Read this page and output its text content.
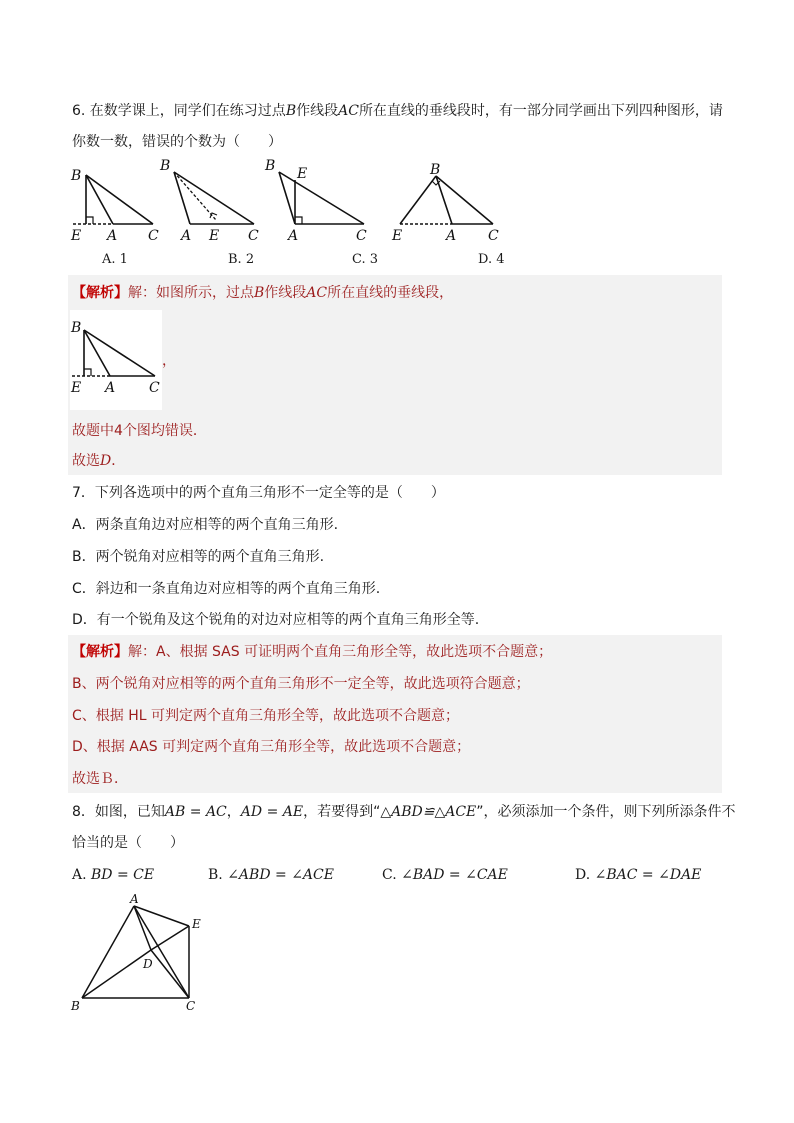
6. 在数学课上，同学们在练习过点B作线段AC所在直线的垂线段时，有一部分同学画出下列四种图形，请
你数一数，错误的个数为（　　）
B
E A C
B
A E C
B E
A	C
B
E	A C
A. 1	B. 2	C. 3	D. 4
【解析】解：如图所示，过点B作线段AC所在直线的垂线段，
B
E A C
，
故题中4个图均错误．
故选D．
7．下列各选项中的两个直角三角形不一定全等的是（　　）
A．两条直角边对应相等的两个直角三角形.
B．两个锐角对应相等的两个直角三角形.
C．斜边和一条直角边对应相等的两个直角三角形.
D．有一个锐角及这个锐角的对边对应相等的两个直角三角形全等.
【解析】解：A、根据 SAS 可证明两个直角三角形全等，故此选项不合题意；
B、两个锐角对应相等的两个直角三角形不一定全等，故此选项符合题意；
C、根据 HL 可判定两个直角三角形全等，故此选项不合题意；
D、根据 AAS 可判定两个直角三角形全等，故此选项不合题意；
故选Ｂ．
8．如图，已知AB = AC，AD = AE，若要得到“△ABD≌△ACE”，必须添加一个条件，则下列所添条件不
恰当的是（　　）
A. BD = CE	B. ∠ABD = ∠ACE	C. ∠BAD = ∠CAE	D. ∠BAC = ∠DAE
A
E
D
B	C
